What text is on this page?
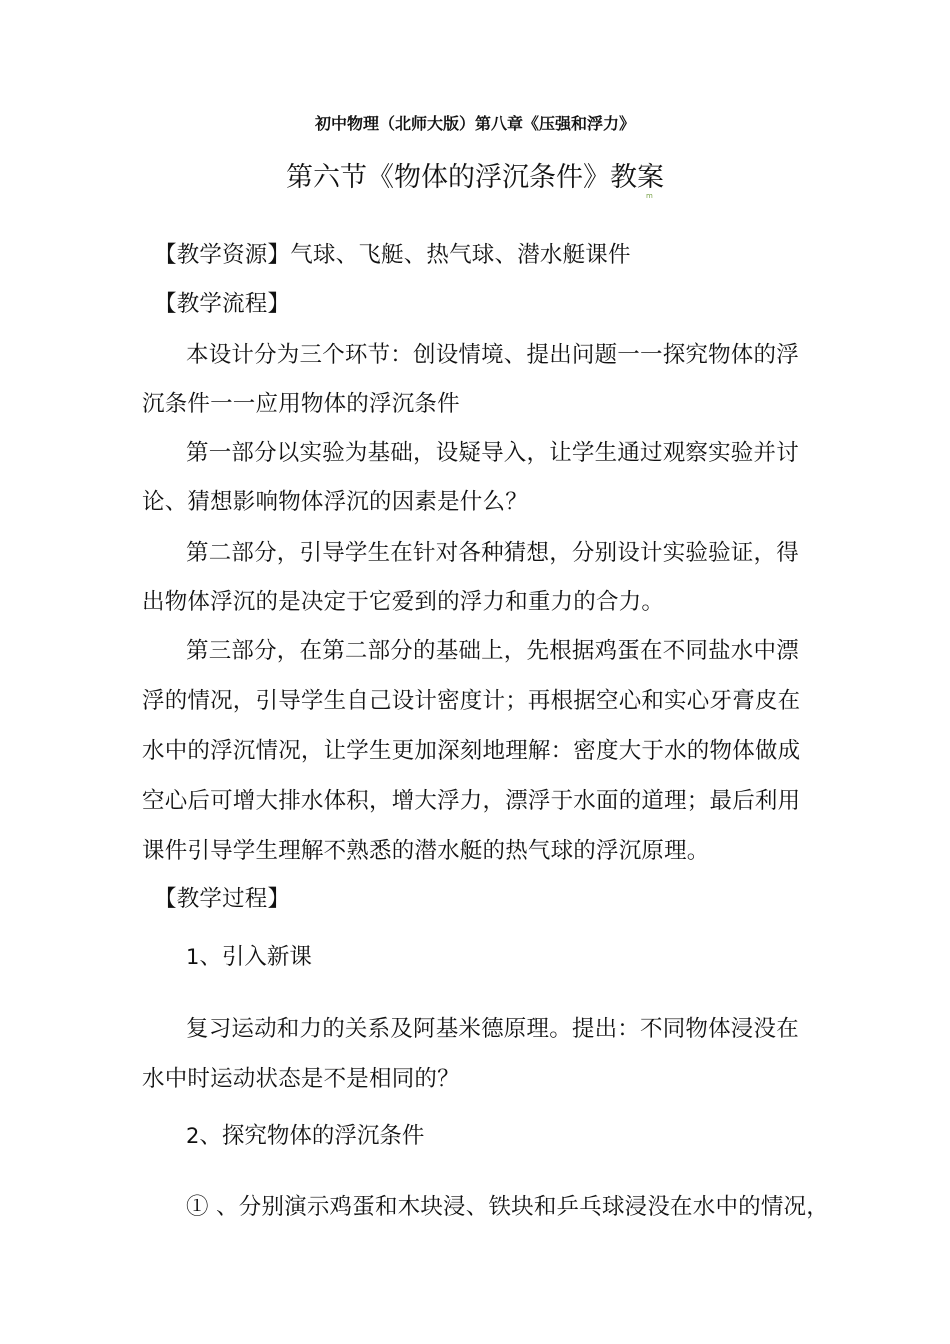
初中物理（北师大版）第八章《压强和浮力》
第六节《物体的浮沉条件》教案
m
【教学资源】气球、飞艇、热气球、潜水艇课件
【教学流程】
本设计分为三个环节：创设情境、提出问题一一探究物体的浮
沉条件一一应用物体的浮沉条件
第一部分以实验为基础，设疑导入，让学生通过观察实验并讨
论、猜想影响物体浮沉的因素是什么？
第二部分，引导学生在针对各种猜想，分别设计实验验证，得
出物体浮沉的是决定于它爱到的浮力和重力的合力。
第三部分，在第二部分的基础上，先根据鸡蛋在不同盐水中漂
浮的情况，引导学生自己设计密度计；再根据空心和实心牙膏皮在
水中的浮沉情况，让学生更加深刻地理解：密度大于水的物体做成
空心后可增大排水体积，增大浮力，漂浮于水面的道理；最后利用
课件引导学生理解不熟悉的潜水艇的热气球的浮沉原理。
【教学过程】
1、引入新课
复习运动和力的关系及阿基米德原理。提出：不同物体浸没在
水中时运动状态是不是相同的？
2、探究物体的浮沉条件
① 、分别演示鸡蛋和木块浸、铁块和乒乓球浸没在水中的情况，
